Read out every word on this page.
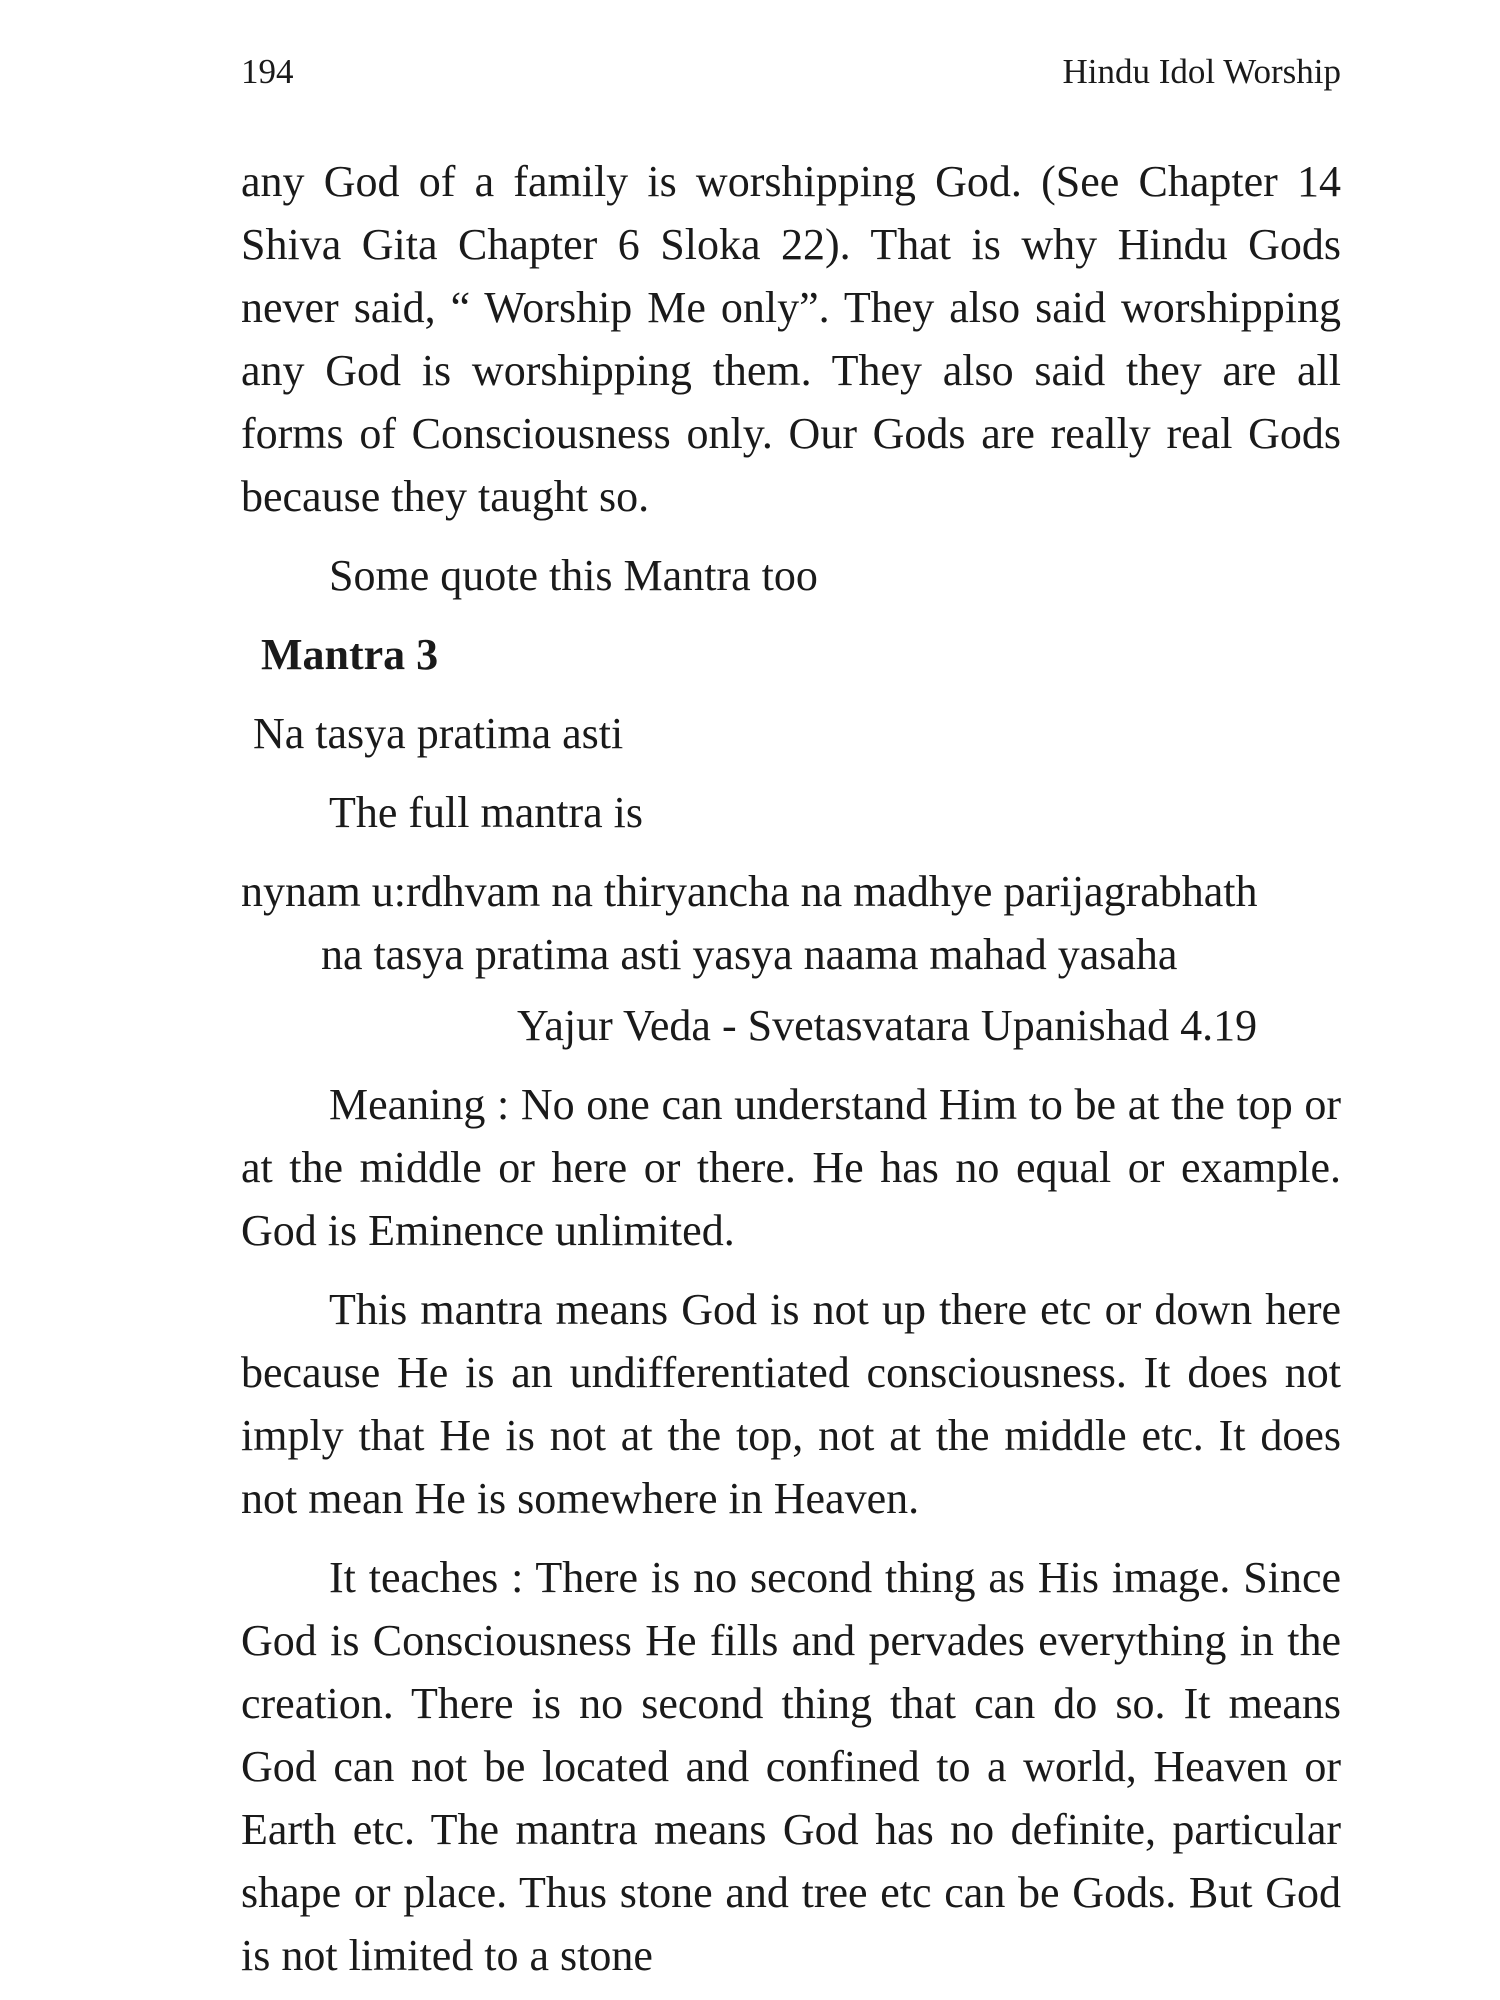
194	Hindu Idol Worship

any God of a family is worshipping God. (See Chapter 14 Shiva Gita Chapter 6 Sloka 22). That is why Hindu Gods never said, “ Worship Me only”. They also said worshipping any God is worshipping them. They also said they are all forms of Consciousness only. Our Gods are really real Gods because they taught so.

Some quote this Mantra too

Mantra 3

Na tasya pratima asti

The full mantra is

nynam u:rdhvam na thiryancha na madhye parijagrabhath

na tasya pratima asti yasya naama mahad yasaha

Yajur Veda - Svetasvatara Upanishad 4.19

Meaning : No one can understand Him to be at the top or at the middle or here or there. He has no equal or example. God is Eminence unlimited.

This mantra means God is not up there etc or down here because He is an undifferentiated consciousness. It does not imply that He is not at the top, not at the middle etc. It does not mean He is somewhere in Heaven.

It teaches : There is no second thing as His image. Since God is Consciousness He fills and pervades everything in the creation. There is no second thing that can do so. It means God can not be located and confined to a world, Heaven or Earth etc. The mantra means God has no definite, particular shape or place. Thus stone and tree etc can be Gods. But God is not limited to a stone
